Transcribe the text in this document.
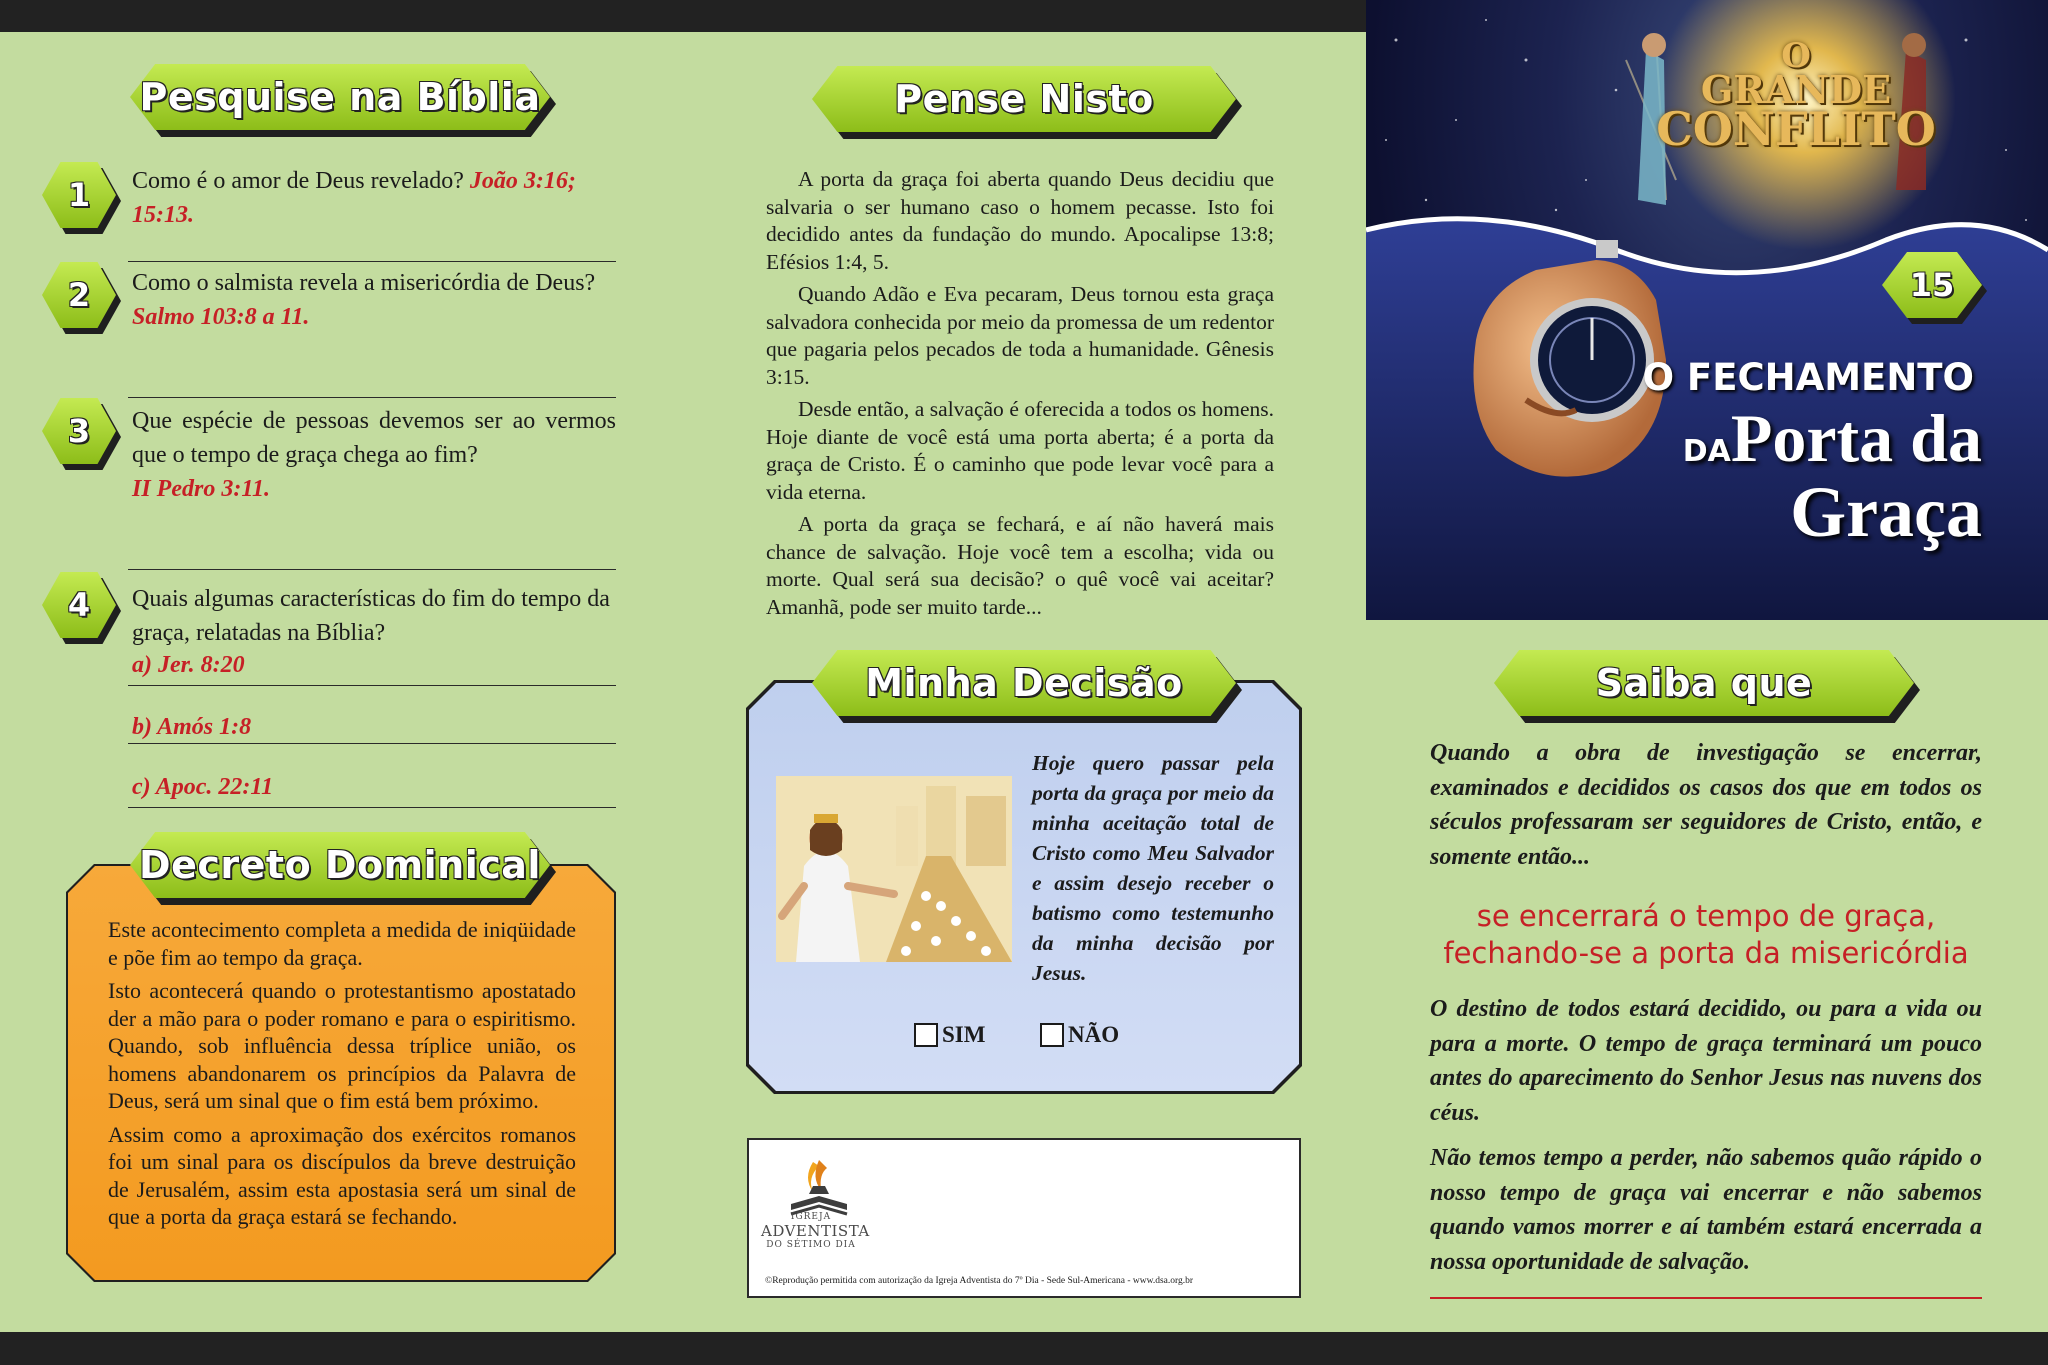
Pesquise na Bíblia
1 Como é o amor de Deus revelado? João 3:16; 15:13.
2 Como o salmista revela a misericórdia de Deus?
Salmo 103:8 a 11.
3 Que espécie de pessoas devemos ser ao vermos que o tempo de graça chega ao fim?
II Pedro 3:11.
4 Quais algumas características do fim do tempo da graça, relatadas na Bíblia?
a) Jer. 8:20
b) Amós 1:8
c) Apoc. 22:11
Decreto Dominical

Este acontecimento completa a medida de iniqüidade e põe fim ao tempo da graça.

Isto acontecerá quando o protestantismo apostatado der a mão para o poder romano e para o espiritismo. Quando, sob influência dessa tríplice união, os homens abandonarem os princípios da Palavra de Deus, será um sinal que o fim está bem próximo.

Assim como a aproximação dos exércitos romanos foi um sinal para os discípulos da breve destruição de Jerusalém, assim esta apostasia será um sinal de que a porta da graça estará se fechando.

Pense Nisto

A porta da graça foi aberta quando Deus decidiu que salvaria o ser humano caso o homem pecasse. Isto foi decidido antes da fundação do mundo. Apocalipse 13:8; Efésios 1:4, 5.

Quando Adão e Eva pecaram, Deus tornou esta graça salvadora conhecida por meio da promessa de um redentor que pagaria pelos pecados de toda a humanidade. Gênesis 3:15.

Desde então, a salvação é oferecida a todos os homens. Hoje diante de você está uma porta aberta; é a porta da graça de Cristo. É o caminho que pode levar você para a vida eterna.

A porta da graça se fechará, e aí não haverá mais chance de salvação. Hoje você tem a escolha; vida ou morte. Qual será sua decisão? o quê você vai aceitar? Amanhã, pode ser muito tarde...

Minha Decisão
Hoje quero passar pela porta da graça por meio da minha aceitação total de Cristo como Meu Salvador e assim desejo receber o batismo como testemunho da minha decisão por Jesus.
SIM	NÃO
IGREJA
ADVENTISTA
DO SÉTIMO DIA
©Reprodução permitida com autorização da Igreja Adventista do 7º Dia - Sede Sul-Americana - www.dsa.org.br
O
GRANDE
CONFLITO
O FECHAMENTO
DAPorta da
Graça
15
Saiba que
Quando a obra de investigação se encerrar, examinados e decididos os casos dos que em todos os séculos professaram ser seguidores de Cristo, então, e somente então...
se encerrará o tempo de graça, fechando-se a porta da misericórdia
O destino de todos estará decidido, ou para a vida ou para a morte. O tempo de graça terminará um pouco antes do aparecimento do Senhor Jesus nas nuvens dos céus.
Não temos tempo a perder, não sabemos quão rápido o nosso tempo de graça vai encerrar e não sabemos quando vamos morrer e aí também estará encerrada a nossa oportunidade de salvação.
